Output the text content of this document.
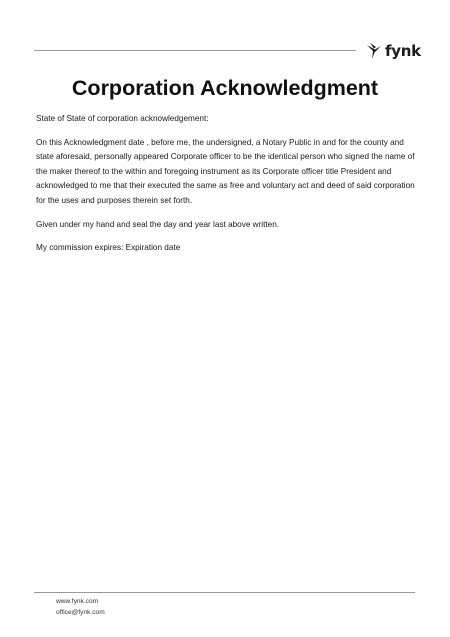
fynk
Corporation Acknowledgment

State of State of corporation acknowledgement:

On this Acknowledgment date , before me, the undersigned, a Notary Public in and for the county and state aforesaid, personally appeared Corporate officer to be the identical person who signed the name of the maker thereof to the within and foregoing instrument as its Corporate officer title President and acknowledged to me that their executed the same as free and voluntary act and deed of said corporation for the uses and purposes therein set forth.

Given under my hand and seal the day and year last above written.

My commission expires: Expiration date

www.fynk.com
office@fynk.com
